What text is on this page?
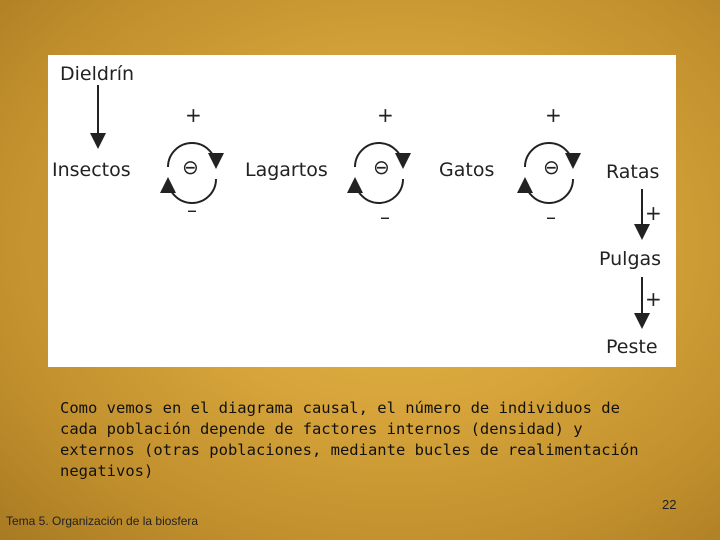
Dieldrín
Insectos	Lagartos	Gatos	Ratas
Pulgas
Peste
+
⊖
–
+
⊖
–
+
⊖
–	+
+
Como vemos en el diagrama causal, el número de individuos de cada población depende de factores internos (densidad) y externos (otras poblaciones, mediante bucles de realimentación negativos)
22
Tema 5. Organización de la biosfera
